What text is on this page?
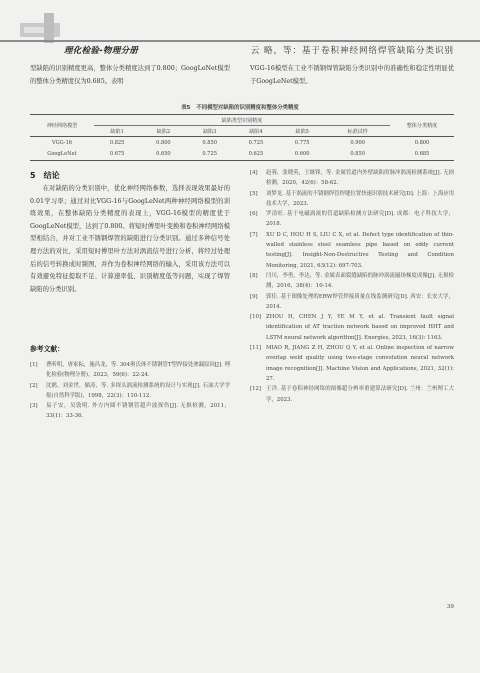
理化检验-物理分册	云 略，等：基于卷积神经网络焊管缺陷分类识别

型缺陷的识别精度更高，整体分类精度达到了0.800；GoogLeNet模型的整体分类精度仅为0.685。表明

VGG-16模型在工业不锈钢焊管缺陷分类识别中的准确性和稳定性明显优于GoogLeNet模型。

表5 不同模型对缺陷的识别精度和整体分类精度
神经网络模型	缺陷类型识别精度						整体分类精度
	缺陷1	缺陷2	缺陷3	缺陷4	缺陷5	标准试样	
VGG-16	0.825	0.800	0.850	0.725	0.775	0.900	0.800
GoogLeNet	0.675	0.650	0.725	0.625	0.600	0.850	0.685
5 结论

在对缺陷的分类识别中，优化神经网络参数，选择表现效果最好的0.01学习率；通过对比VGG-16与GoogLeNet两种神经网络模型的训练效果，在整体缺陷分类精度的表现上，VGG-16模型的精度优于GoogLeNet模型，达到了0.800。将短时傅里叶变换和卷积神经网络模型相结合，并对工业不锈钢焊管的缺陷进行分类识别。通过多种信号处理方法的对比，采用短时傅里叶方法对涡流信号进行分析，将经过处理后的信号转换成时频图，并作为卷积神经网络的输入，采用该方法可以有效避免特征提取不足、计算速率低、识别精度低等问题，实现了焊管缺陷的分类识别。

参考文献：
[1]	曹昕明，唐家耘，施昌龙，等. 304奥氏体不锈钢管T型焊接处渗漏原因[J]. 理化检验(物理分册)，2023，59(6)：22-24.
[2]	沈鸥，刘金世，储涛，等. 多探头涡流检测系统的设计与实现[J]. 石油大学学报(自然科学版)，1998，22(3)：110-112.
[3]	易子安，吴敦明. 外方内圆不锈钢管超声波探伤[J]. 无损检测，2011，33(1)：33-36.
[4]	赵蓉，张晓英，王继锋，等. 金属管道内外壁缺陷的脉冲涡流检测系统[J]. 无损检测，2020，42(6)：58-62.
[5]	刘梦龙. 基于涡流的不锈钢焊管焊缝位置快速识别技术研究[D]. 上海：上海应用技术大学，2023.
[6]	罗清旺. 基于电磁涡流的管道缺陷检测方法研究[D]. 成都：电子科技大学，2018.
[7]	XU D C, HOU H S, LIU C X, et al. Defect type identification of thin-walled stainless steel seamless pipe based on eddy current testing[J]. Insight-Non-Destructive Testing and Condition Monitoring, 2021, 63(12): 697-703.
[8]	闫川，李勇，李达，等. 金属表面裂缝缺陷的脉冲涡流磁场梯度成像[J]. 无损检测，2016，38(4)：10-14.
[9]	郭佳. 基于图像处理的ERW焊管焊接质量在线监测研究[D]. 西安：长安大学，2014.
[10] ZHOU H, CHEN J Y, YE M Y, et al. Transient fault signal identification of AT traction network based on improved HHT and LSTM neural network algorithm[J]. Energies, 2023, 16(3): 1163.
[11] MIAO R, JIANG Z H, ZHOU Q Y, et al. Online inspection of narrow overlap weld quality using two-stage convolution neural network image recognition[J]. Machine Vision and Applications, 2021, 32(1): 27.
[12] 王洋. 基于卷积神经网络的图像超分辨率重建算法研究[D]. 兰州：兰州理工大学，2023.
39
